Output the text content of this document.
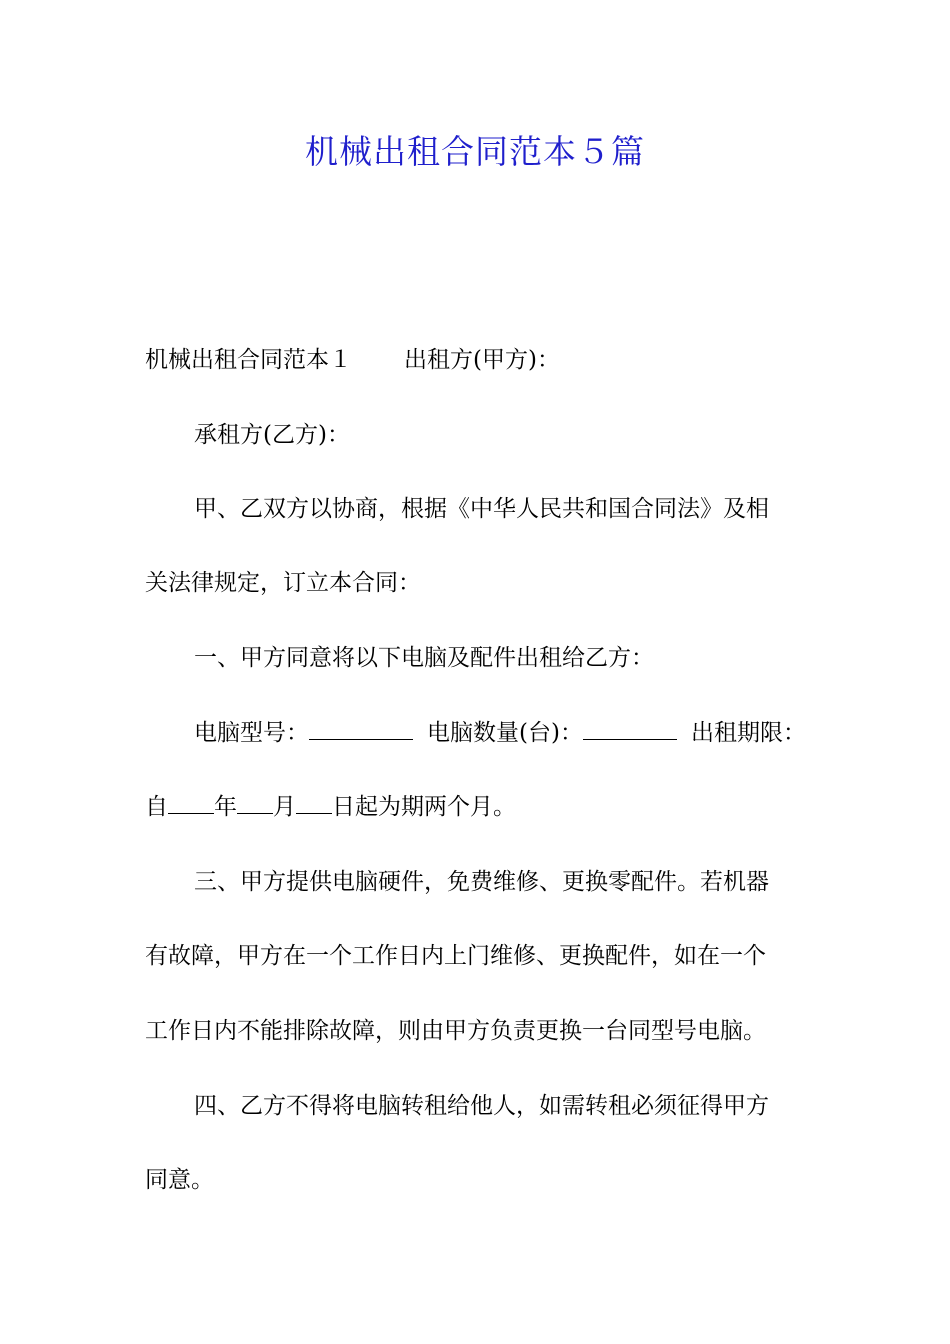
机械出租合同范本５篇
机械出租合同范本１ 出租方(甲方)：
承租方(乙方)：
甲、乙双方以协商，根据《中华人民共和国合同法》及相
关法律规定，订立本合同：
一、甲方同意将以下电脑及配件出租给乙方：
电脑型号：	电脑数量(台)：	出租期限：
自 年 月 日起为期两个月。
三、甲方提供电脑硬件，免费维修、更换零配件。若机器
有故障，甲方在一个工作日内上门维修、更换配件，如在一个
工作日内不能排除故障，则由甲方负责更换一台同型号电脑。
四、乙方不得将电脑转租给他人，如需转租必须征得甲方
同意。
